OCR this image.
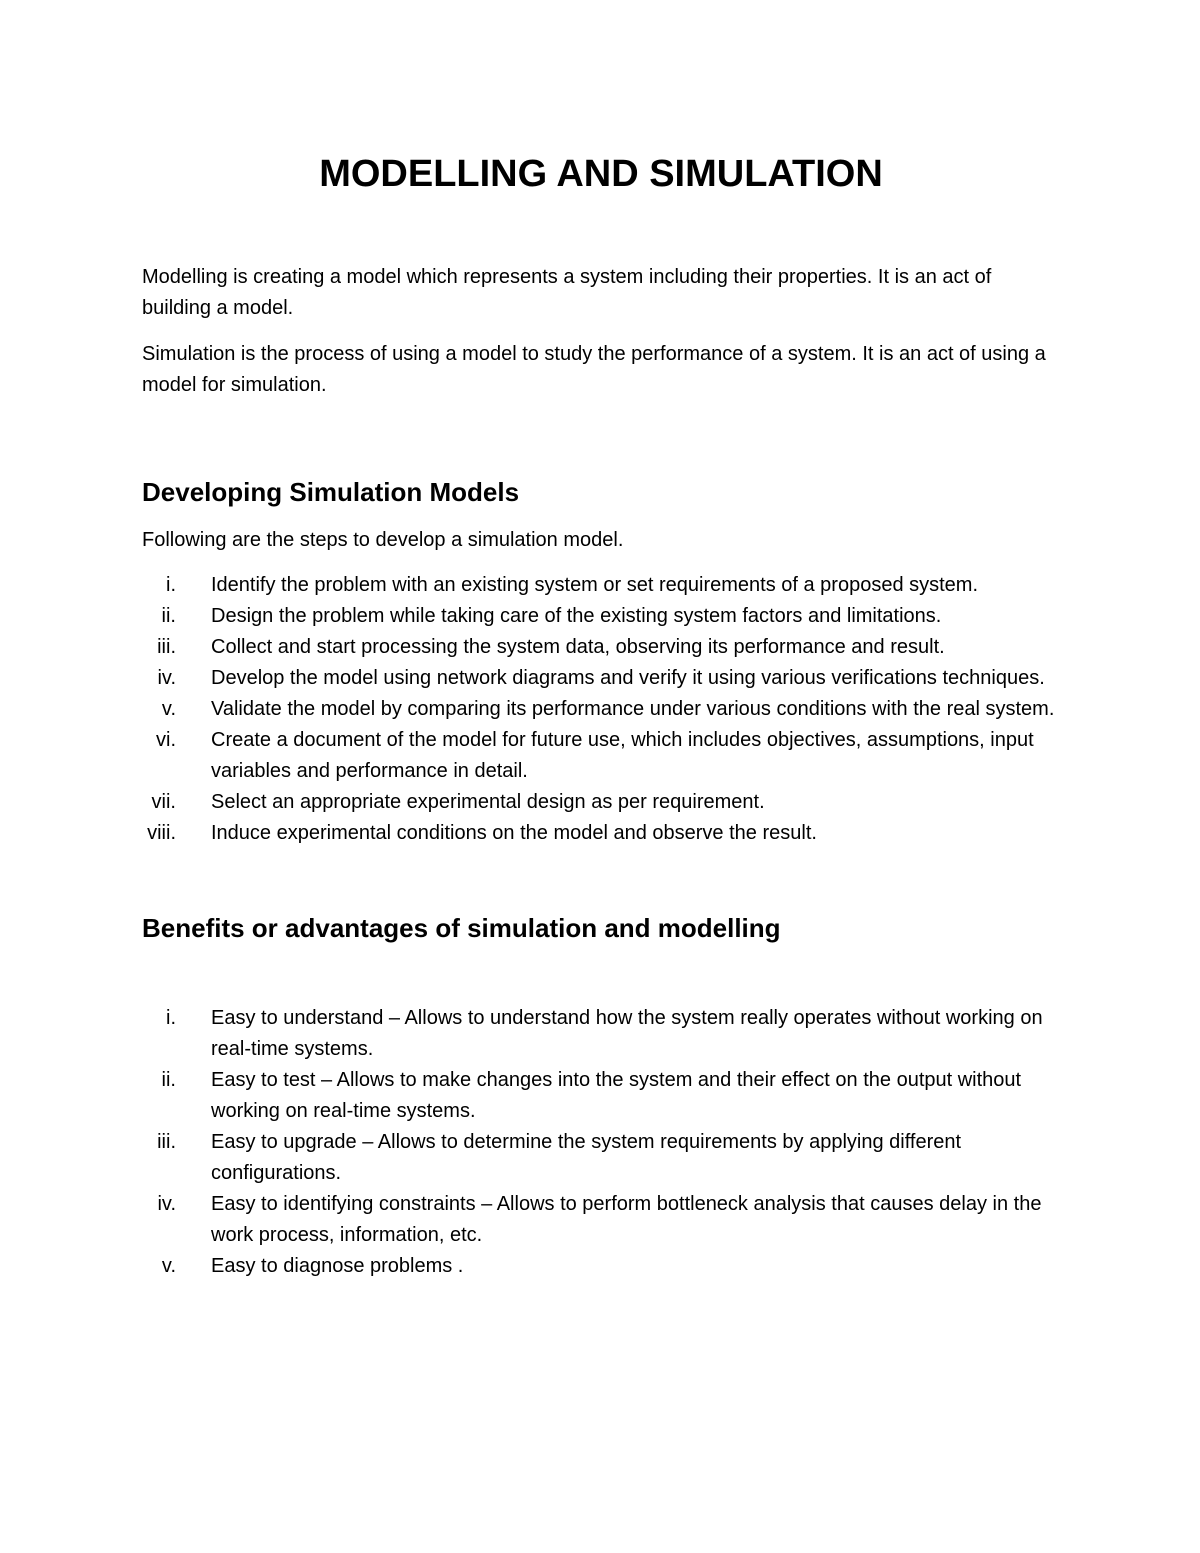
MODELLING AND SIMULATION

Modelling is creating a model which represents a system including their properties. It is an act of building a model.

Simulation is the process of using a model to study the performance of a system. It is an act of using a model for simulation.

Developing Simulation Models

Following are the steps to develop a simulation model.

i.	Identify the problem with an existing system or set requirements of a proposed system.
ii.	Design the problem while taking care of the existing system factors and limitations.
iii.	Collect and start processing the system data, observing its performance and result.
iv.	Develop the model using network diagrams and verify it using various verifications techniques.
v.	Validate the model by comparing its performance under various conditions with the real system.
vi.	Create a document of the model for future use, which includes objectives, assumptions, input variables and performance in detail.
vii.	Select an appropriate experimental design as per requirement.
viii.	Induce experimental conditions on the model and observe the result.
Benefits or advantages of simulation and modelling
i.	Easy to understand – Allows to understand how the system really operates without working on real-time systems.
ii.	Easy to test – Allows to make changes into the system and their effect on the output without working on real-time systems.
iii.	Easy to upgrade – Allows to determine the system requirements by applying different configurations.
iv.	Easy to identifying constraints – Allows to perform bottleneck analysis that causes delay in the work process, information, etc.
v.	Easy to diagnose problems .
